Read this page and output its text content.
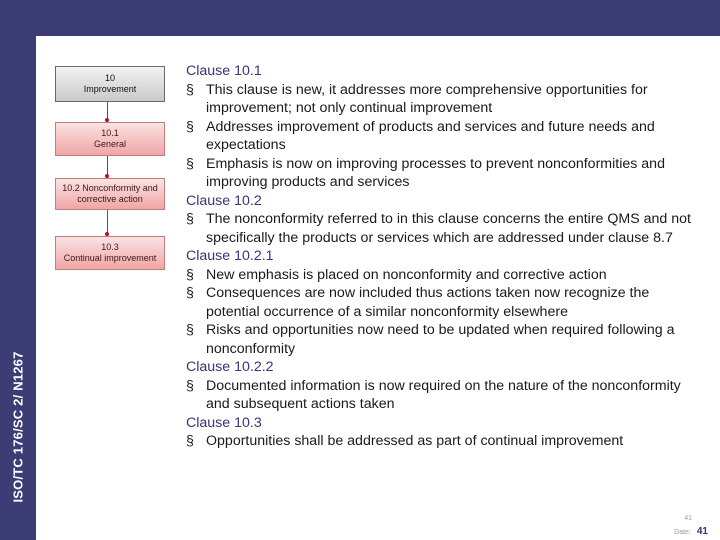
ISO/TC 176/SC 2/ N1267
10
Improvement
10.1
General
10.2 Nonconformity and
corrective action
10.3
Continual improvement
Clause 10.1
§ This clause is new, it addresses more comprehensive opportunities for improvement; not only continual improvement
§ Addresses improvement of products and services and future needs and expectations
§ Emphasis is now on improving processes to prevent nonconformities and improving products and services
Clause 10.2
§ The nonconformity referred to in this clause concerns the entire QMS and not specifically the products or services which are addressed under clause 8.7
Clause 10.2.1
§ New emphasis is placed on nonconformity and corrective action
§ Consequences are now included thus actions taken now recognize the potential occurrence of a similar nonconformity elsewhere
§ Risks and opportunities now need to be updated when required following a nonconformity
Clause 10.2.2
§ Documented information is now required on the nature of the nonconformity and subsequent actions taken
Clause 10.3
§ Opportunities shall be addressed as part of continual improvement
41
Date: 41
